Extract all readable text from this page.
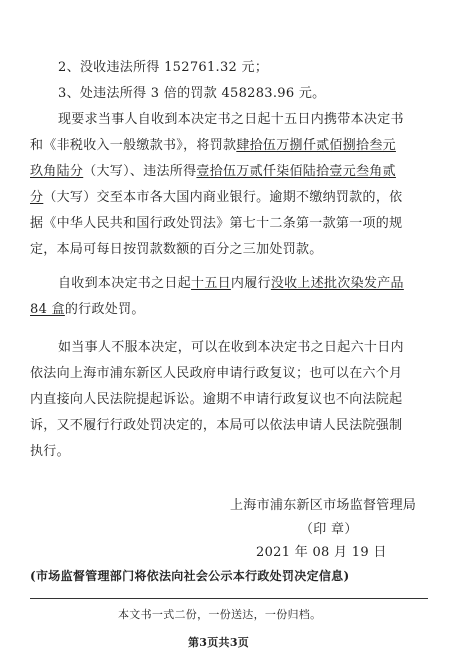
2、没收违法所得 152761.32 元；
3、处违法所得 3 倍的罚款 458283.96 元。
现要求当事人自收到本决定书之日起十五日内携带本决定书
和《非税收入一般缴款书》，将罚款肆拾伍万捌仟贰佰捌拾叁元
玖角陆分（大写）、违法所得壹拾伍万贰仟柒佰陆拾壹元叁角贰
分（大写）交至本市各大国内商业银行。逾期不缴纳罚款的，依
据《中华人民共和国行政处罚法》第七十二条第一款第一项的规
定，本局可每日按罚款数额的百分之三加处罚款。
自收到本决定书之日起十五日内履行没收上述批次染发产品
84 盒的行政处罚。
如当事人不服本决定，可以在收到本决定书之日起六十日内
依法向上海市浦东新区人民政府申请行政复议；也可以在六个月
内直接向人民法院提起诉讼。逾期不申请行政复议也不向法院起
诉，又不履行行政处罚决定的，本局可以依法申请人民法院强制
执行。
上海市浦东新区市场监督管理局
（印 章）
2021 年 08 月 19 日
(市场监督管理部门将依法向社会公示本行政处罚决定信息)
本文书一式二份，一份送达，一份归档。
第3页共3页
